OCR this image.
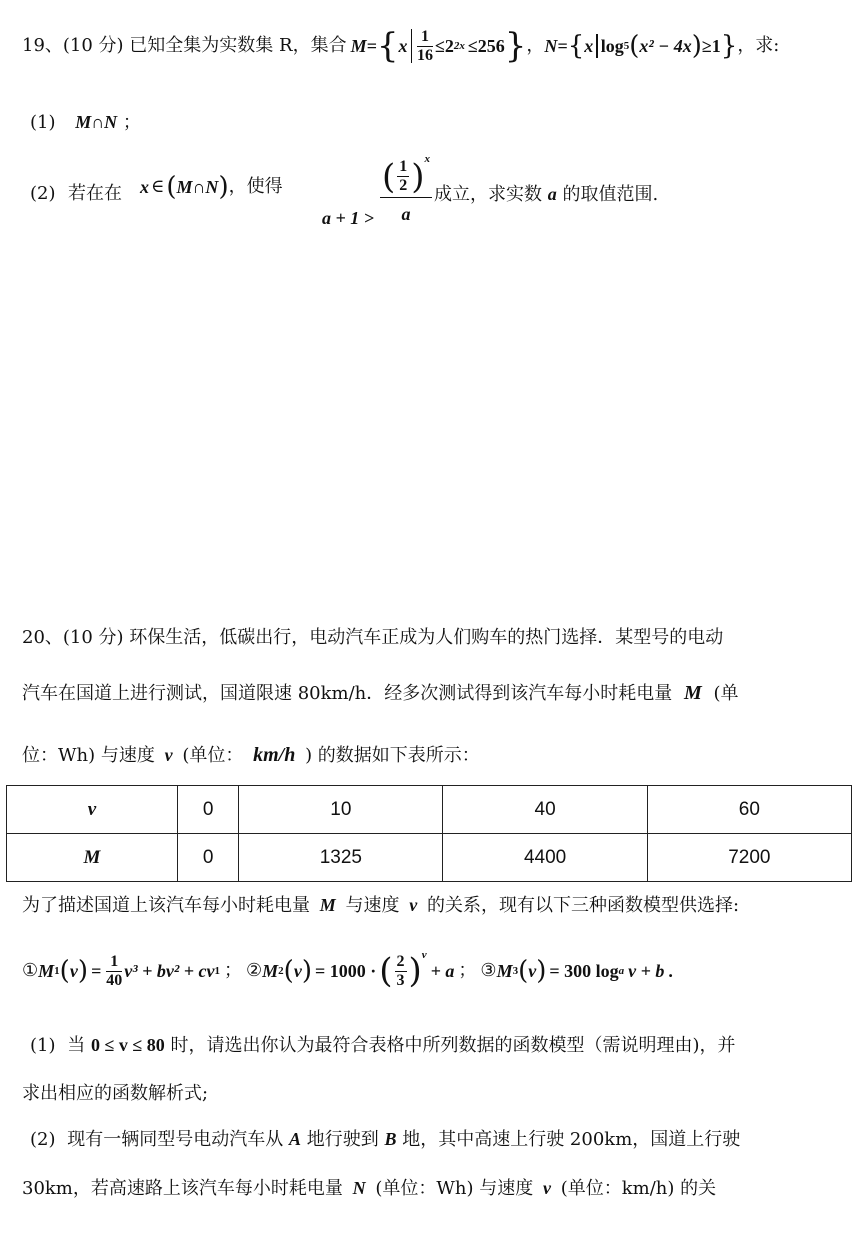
19、(10 分) 已知全集为实数集 R，集合 M = { x $\frac{1}{16} \le 2$ 2x ≤256 } ， N = { x log 5 ( x² − 4x ) ≥1 } ，求:
(1) M∩N ；
(2) 若在在 x ∈ ( M∩N ) ，使得
$a + 1 > \frac{( \frac{1}{2} )^x}{a}$ 成立，求实数 a 的取值范围.
20、(10 分) 环保生活，低碳出行，电动汽车正成为人们购车的热门选择．某型号的电动
汽车在国道上进行测试，国道限速 80km/h．经多次测试得到该汽车每小时耗电量 M (单
位：Wh) 与速度 v (单位： km/h ) 的数据如下表所示：
v	0	10	40	60
M	0	1325	4400	7200
为了描述国道上该汽车每小时耗电量 M 与速度 v 的关系，现有以下三种函数模型供选择:
① M 1 ( v ) = $\frac{1}{40} v^3 + bv^2$ + cv 1 ； ② M 2 ( v ) = 1000 · ( $\frac{2}{3} )^v$
+ a ； ③ M 3 ( v ) = 300 log a v + b .
(1) 当 0 ≤ v ≤ 80 时，请选出你认为最符合表格中所列数据的函数模型（需说明理由)，并
求出相应的函数解析式;
(2) 现有一辆同型号电动汽车从 A 地行驶到 B 地，其中高速上行驶 200km，国道上行驶
30km，若高速路上该汽车每小时耗电量 N (单位：Wh) 与速度 v (单位：km/h) 的关
